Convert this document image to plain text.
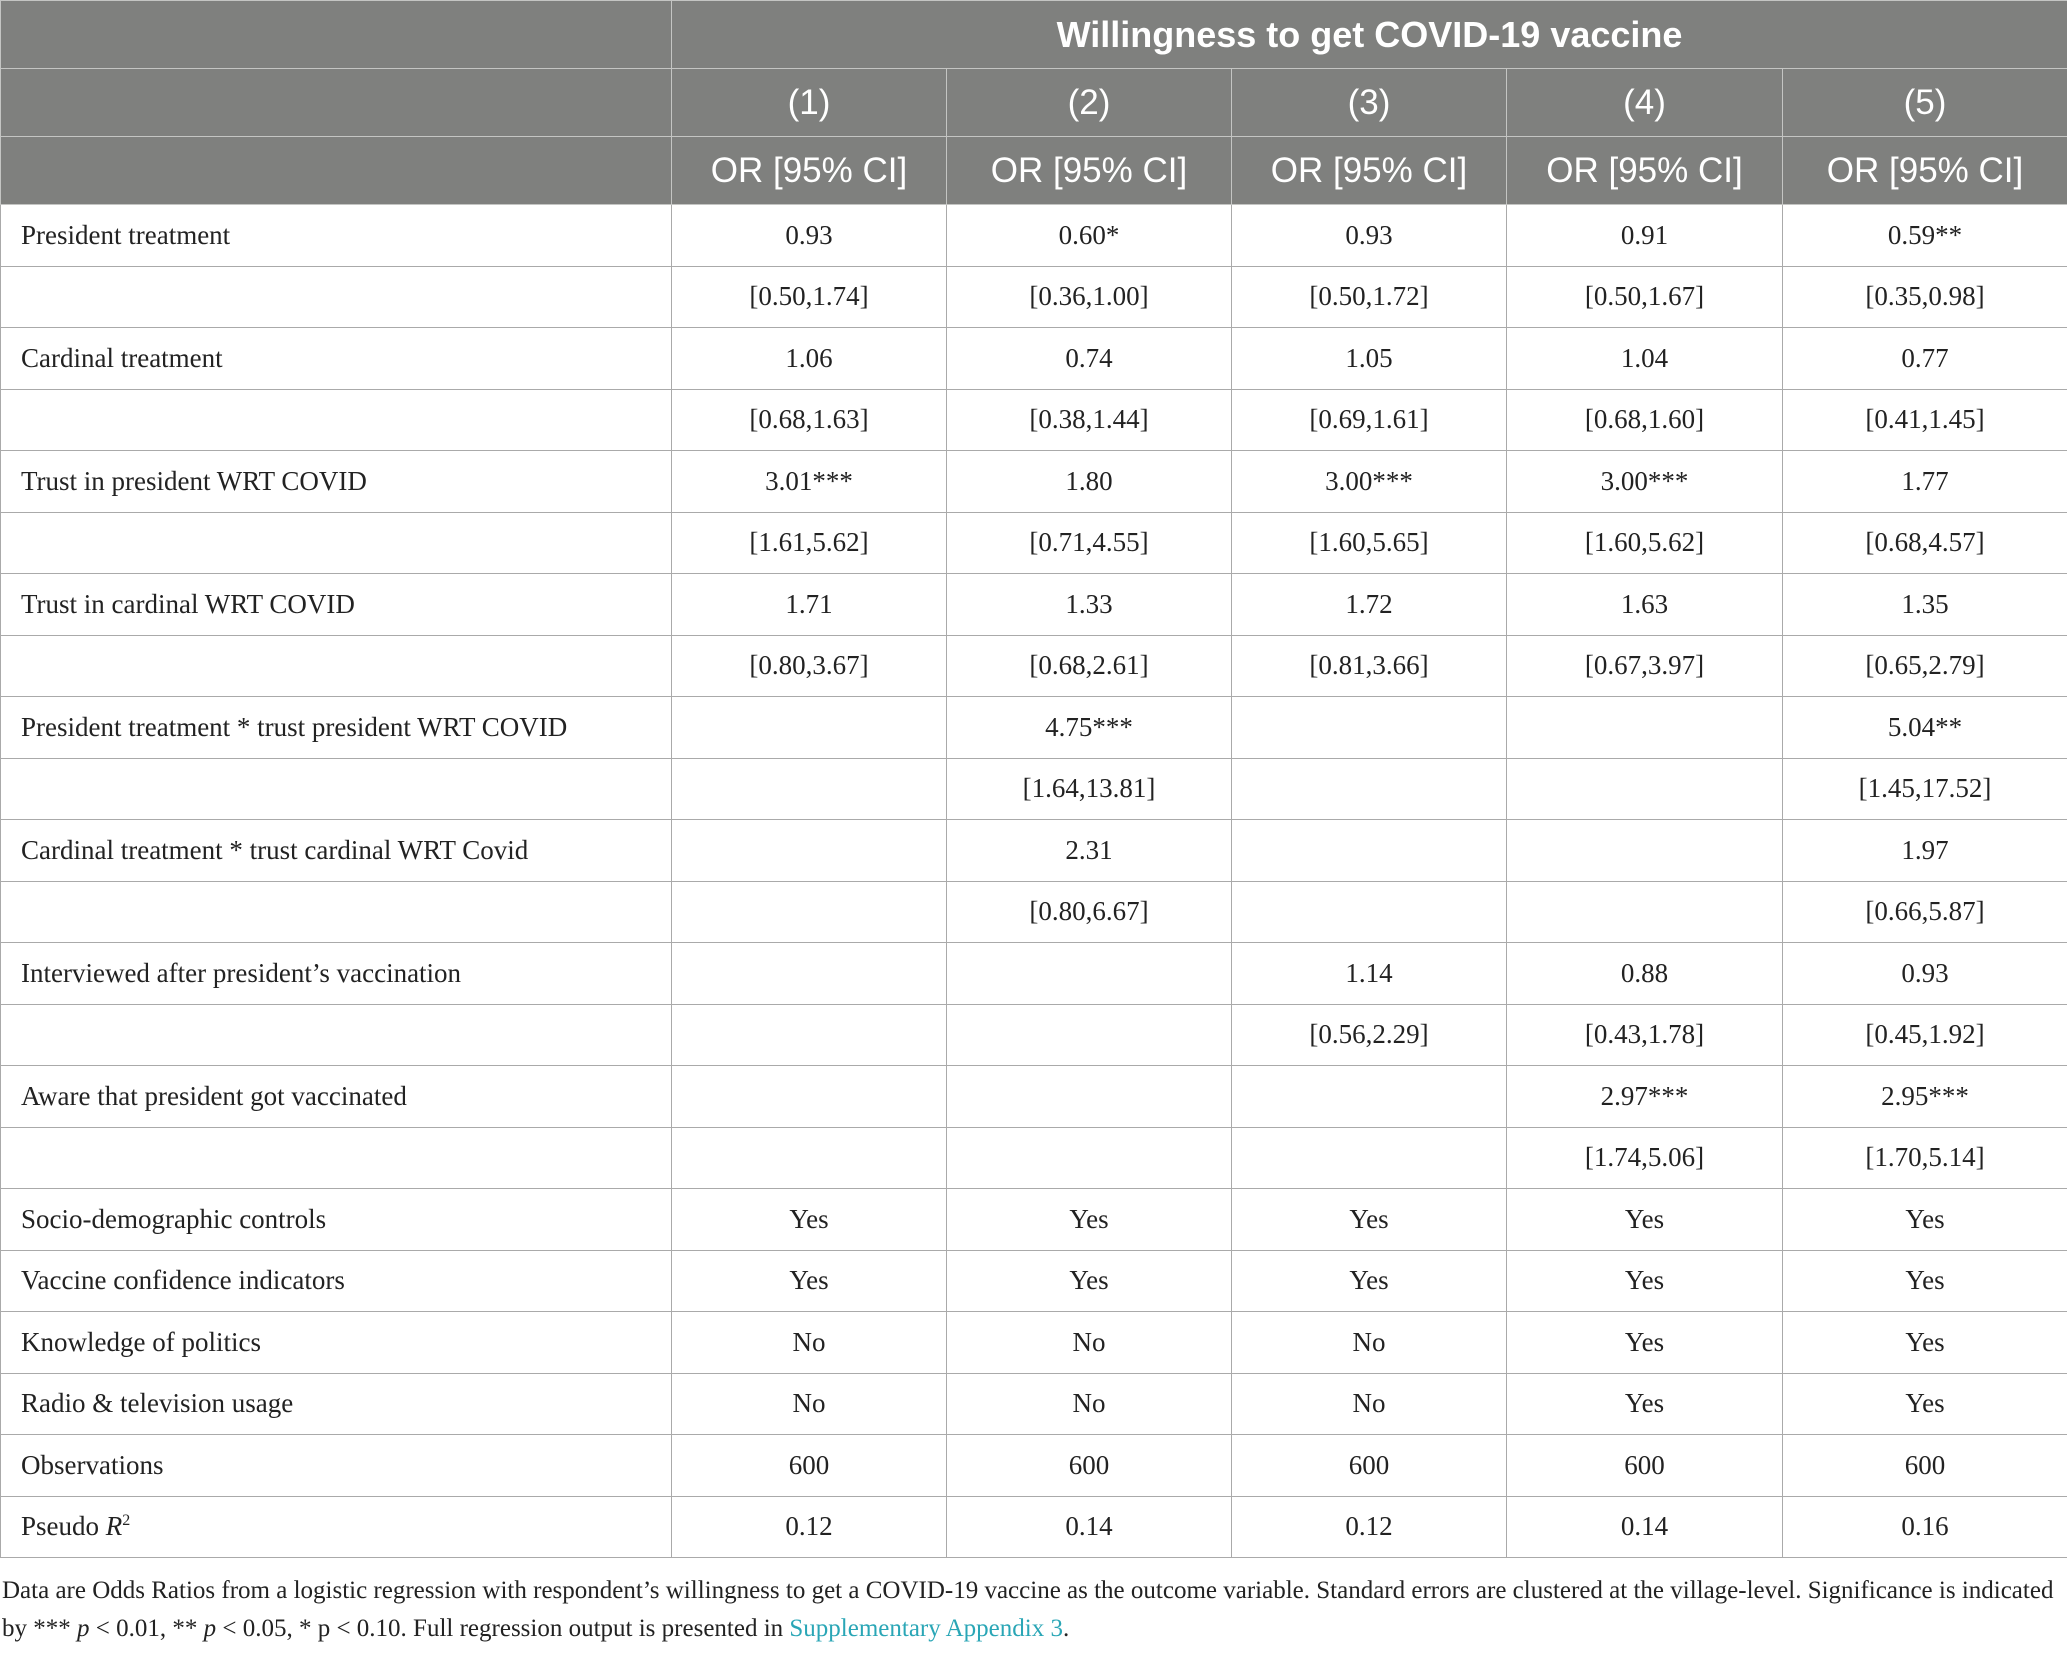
	Willingness to get COVID-19 vaccine				
	(1)	(2)	(3)	(4)	(5)
	OR [95% CI]	OR [95% CI]	OR [95% CI]	OR [95% CI]	OR [95% CI]
President treatment	0.93	0.60*	0.93	0.91	0.59**
	[0.50,1.74]	[0.36,1.00]	[0.50,1.72]	[0.50,1.67]	[0.35,0.98]
Cardinal treatment	1.06	0.74	1.05	1.04	0.77
	[0.68,1.63]	[0.38,1.44]	[0.69,1.61]	[0.68,1.60]	[0.41,1.45]
Trust in president WRT COVID	3.01***	1.80	3.00***	3.00***	1.77
	[1.61,5.62]	[0.71,4.55]	[1.60,5.65]	[1.60,5.62]	[0.68,4.57]
Trust in cardinal WRT COVID	1.71	1.33	1.72	1.63	1.35
	[0.80,3.67]	[0.68,2.61]	[0.81,3.66]	[0.67,3.97]	[0.65,2.79]
President treatment * trust president WRT COVID		4.75***			5.04**
		[1.64,13.81]			[1.45,17.52]
Cardinal treatment * trust cardinal WRT Covid		2.31			1.97
		[0.80,6.67]			[0.66,5.87]
Interviewed after president’s vaccination			1.14	0.88	0.93
			[0.56,2.29]	[0.43,1.78]	[0.45,1.92]
Aware that president got vaccinated				2.97***	2.95***
				[1.74,5.06]	[1.70,5.14]
Socio-demographic controls	Yes	Yes	Yes	Yes	Yes
Vaccine confidence indicators	Yes	Yes	Yes	Yes	Yes
Knowledge of politics	No	No	No	Yes	Yes
Radio & television usage	No	No	No	Yes	Yes
Observations	600	600	600	600	600
Pseudo $R^2$	0.12	0.14	0.12	0.14	0.16
Data are Odds Ratios from a logistic regression with respondent’s willingness to get a COVID-19 vaccine as the outcome variable. Standard errors are clustered at the village-level. Significance is indicated by *** p < 0.01, ** p < 0.05, * p < 0.10. Full regression output is presented in Supplementary Appendix 3.
